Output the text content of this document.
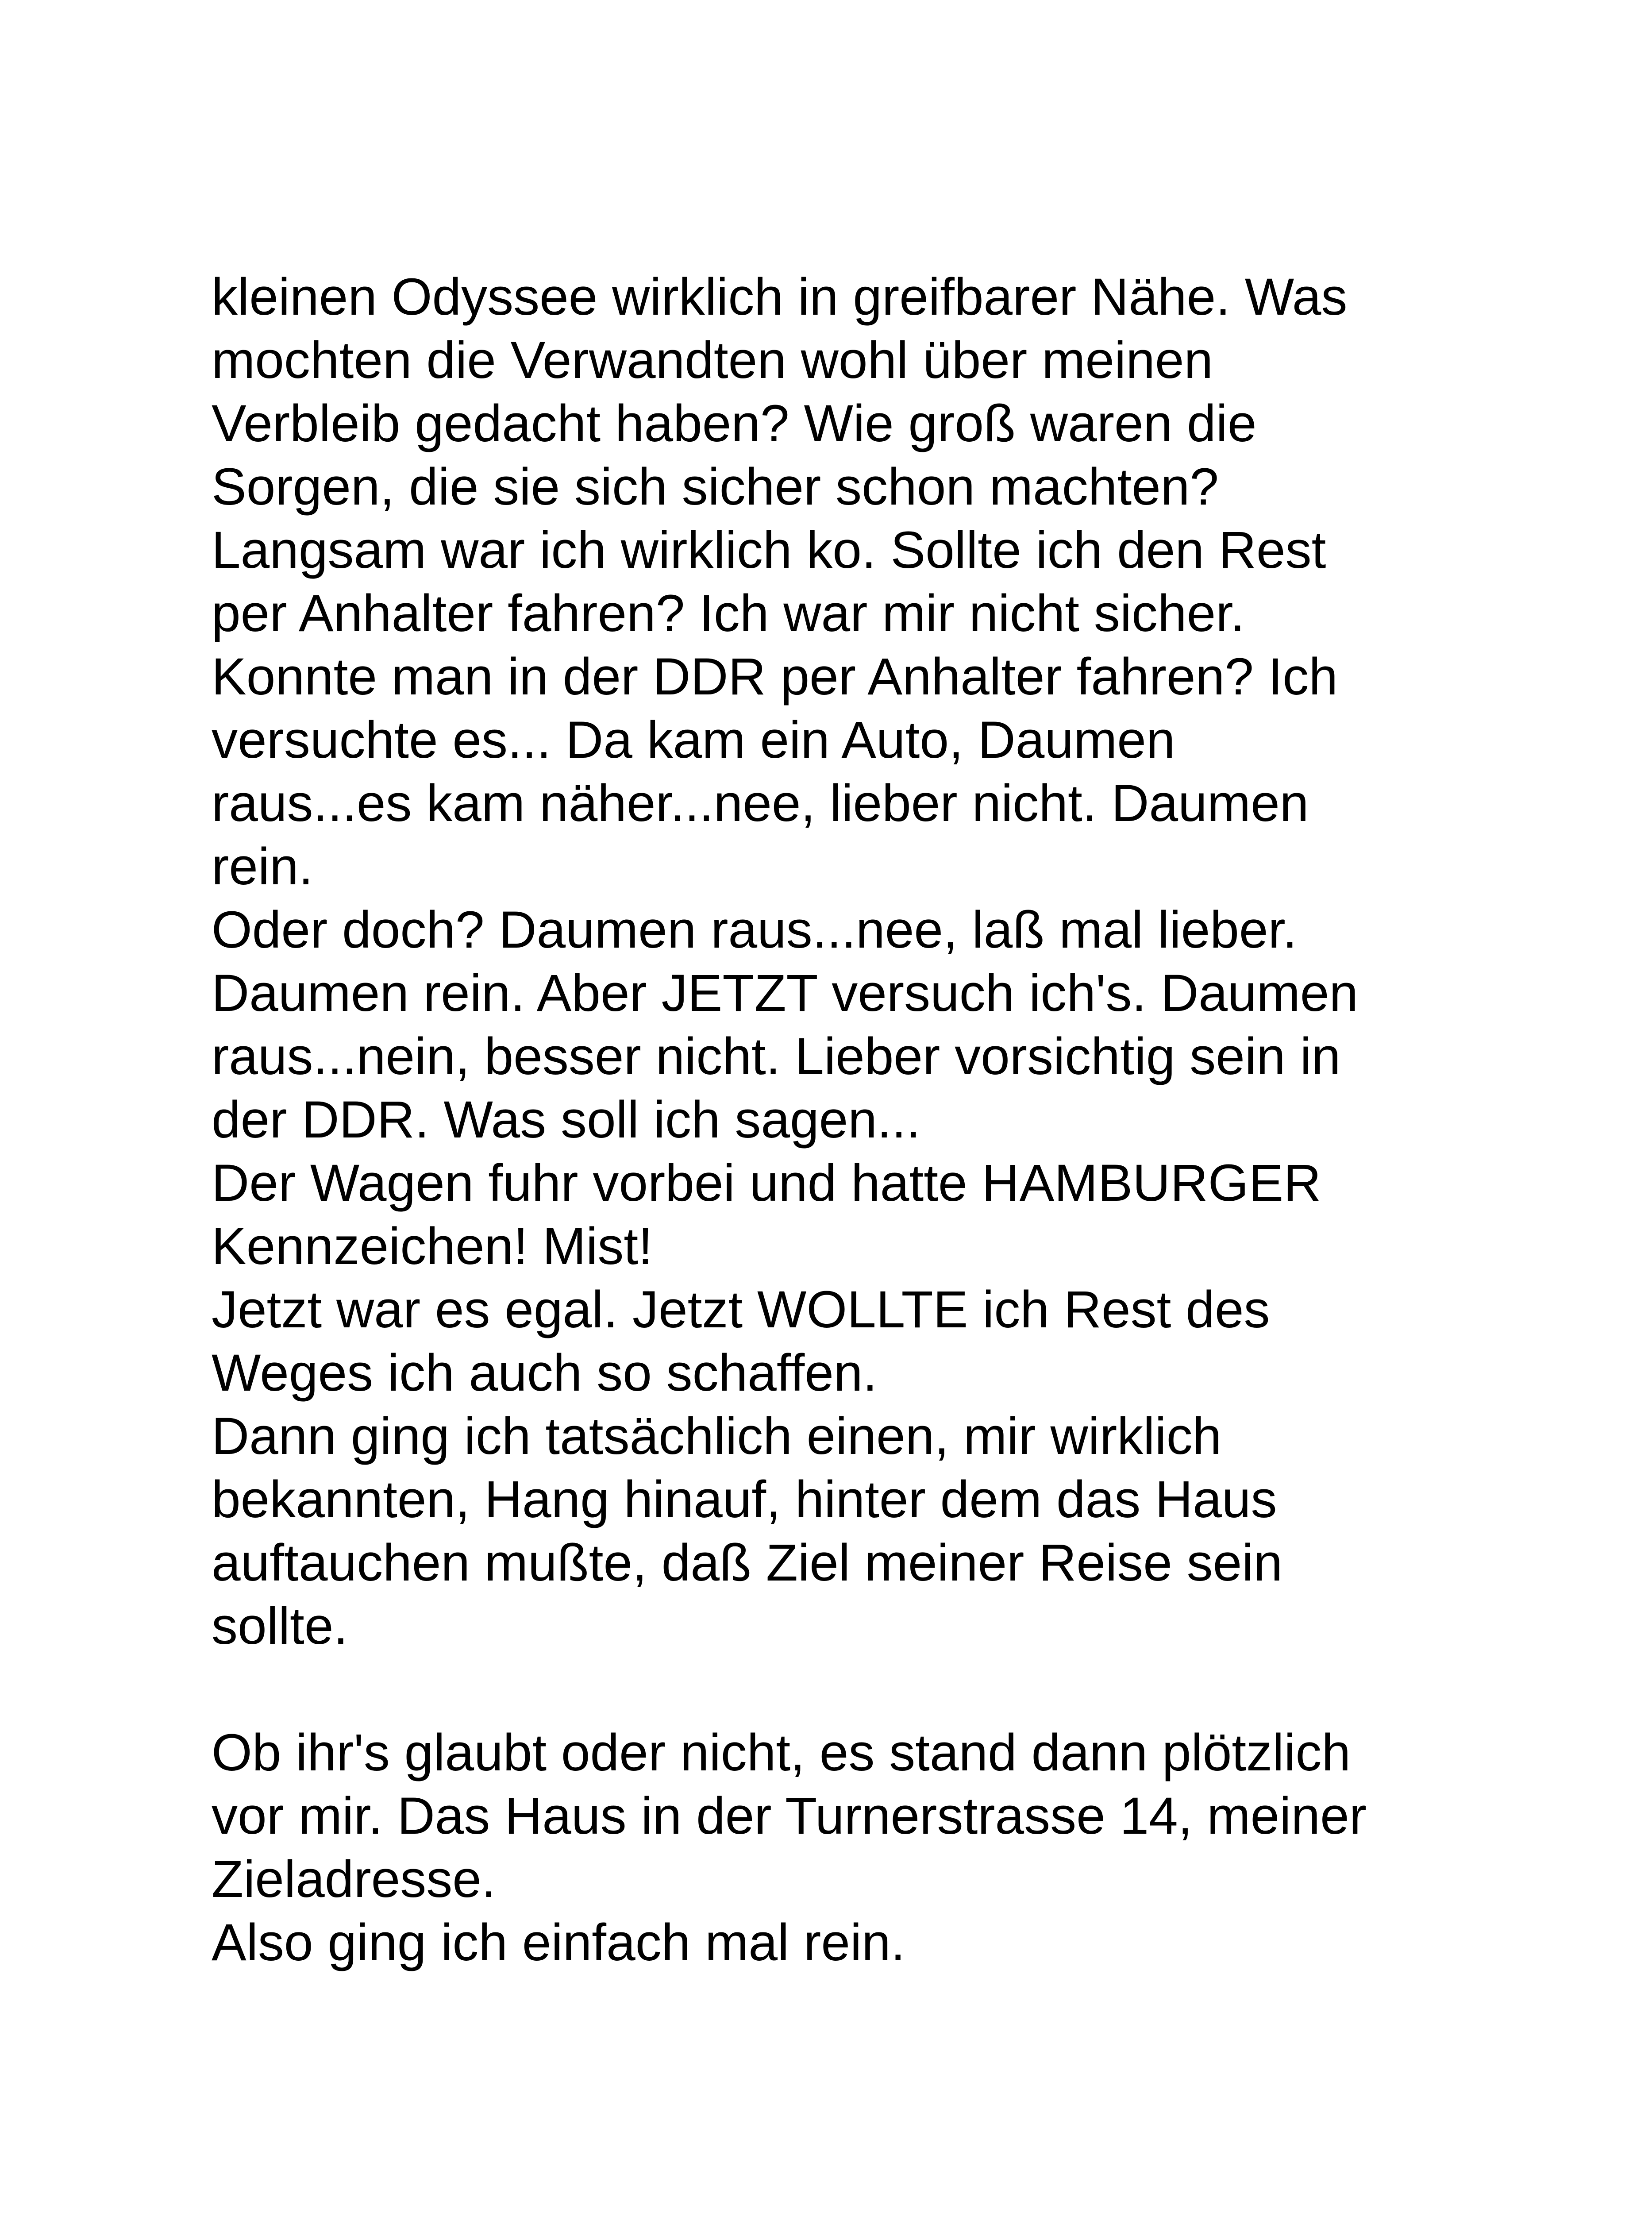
kleinen Odyssee wirklich in greifbarer Nähe. Was
mochten die Verwandten wohl über meinen
Verbleib gedacht haben? Wie groß waren die
Sorgen, die sie sich sicher schon machten?
Langsam war ich wirklich ko. Sollte ich den Rest
per Anhalter fahren? Ich war mir nicht sicher.
Konnte man in der DDR per Anhalter fahren? Ich
versuchte es... Da kam ein Auto, Daumen
raus...es kam näher...nee, lieber nicht. Daumen
rein.
Oder doch? Daumen raus...nee, laß mal lieber.
Daumen rein. Aber JETZT versuch ich's. Daumen
raus...nein, besser nicht. Lieber vorsichtig sein in
der DDR. Was soll ich sagen...
Der Wagen fuhr vorbei und hatte HAMBURGER
Kennzeichen! Mist!
Jetzt war es egal. Jetzt WOLLTE ich Rest des
Weges ich auch so schaffen.
Dann ging ich tatsächlich einen, mir wirklich
bekannten, Hang hinauf, hinter dem das Haus
auftauchen mußte, daß Ziel meiner Reise sein
sollte.
Ob ihr's glaubt oder nicht, es stand dann plötzlich
vor mir. Das Haus in der Turnerstrasse 14, meiner
Zieladresse.
Also ging ich einfach mal rein.
